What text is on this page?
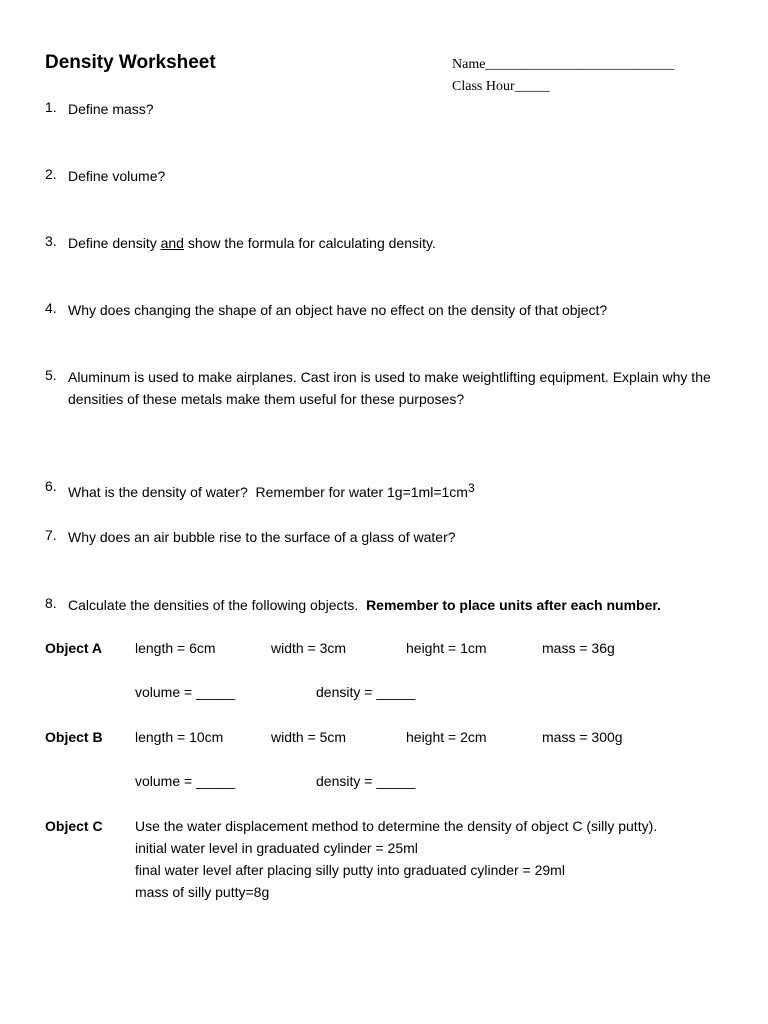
Density Worksheet	Name___________________________
Class Hour_____
1. Define mass?
2. Define volume?
3. Define density and show the formula for calculating density.
4. Why does changing the shape of an object have no effect on the density of that object?
5. Aluminum is used to make airplanes. Cast iron is used to make weightlifting equipment. Explain why the densities of these metals make them useful for these purposes?
6. What is the density of water?  Remember for water $1g=1ml=1cm^3$
7. Why does an air bubble rise to the surface of a glass of water?
8. Calculate the densities of the following objects. Remember to place units after each number.
Object A length = 6cm	width = 3cm	height = 1cm	mass = 36g
volume = _____	density = _____
Object B length = 10cm	width = 5cm	height = 2cm	mass = 300g
volume = _____	density = _____
Object C Use the water displacement method to determine the density of object C (silly putty).
initial water level in graduated cylinder = 25ml
final water level after placing silly putty into graduated cylinder = 29ml
mass of silly putty=8g
